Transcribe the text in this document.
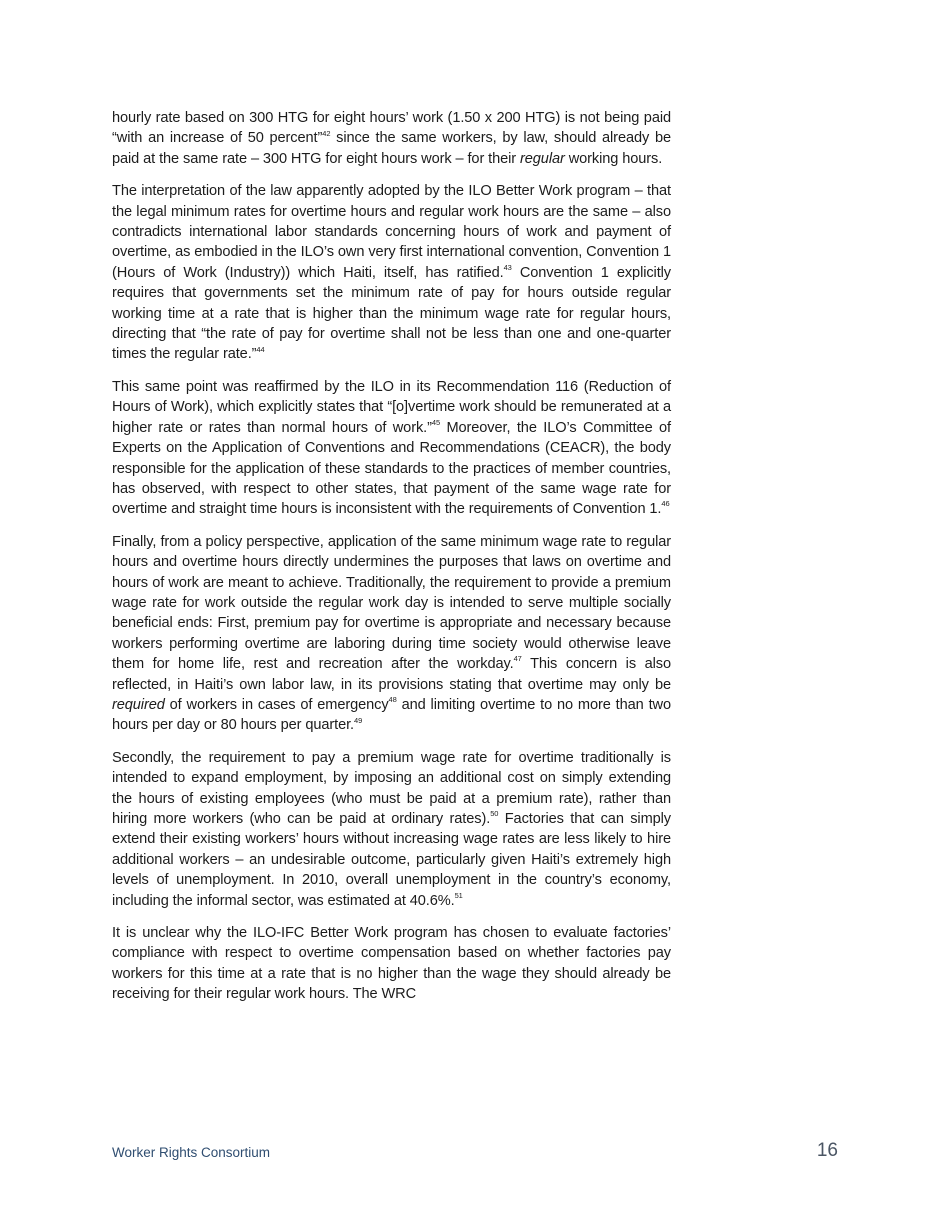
hourly rate based on 300 HTG for eight hours’ work (1.50 x 200 HTG) is not being paid “with an increase of 50 percent”$^{42}$ since the same workers, by law, should already be paid at the same rate – 300 HTG for eight hours work – for their regular working hours.

The interpretation of the law apparently adopted by the ILO Better Work program – that the legal minimum rates for overtime hours and regular work hours are the same – also contradicts international labor standards concerning hours of work and payment of overtime, as embodied in the ILO’s own very first international convention, Convention 1 (Hours of Work (Industry)) which Haiti, itself, has ratified.$^{43}$ Convention 1 explicitly requires that governments set the minimum rate of pay for hours outside regular working time at a rate that is higher than the minimum wage rate for regular hours, directing that “the rate of pay for overtime shall not be less than one and one-quarter times the regular rate.”$^{44}$

This same point was reaffirmed by the ILO in its Recommendation 116 (Reduction of Hours of Work), which explicitly states that “[o]vertime work should be remunerated at a higher rate or rates than normal hours of work.”$^{45}$ Moreover, the ILO’s Committee of Experts on the Application of Conventions and Recommendations (CEACR), the body responsible for the application of these standards to the practices of member countries, has observed, with respect to other states, that payment of the same wage rate for overtime and straight time hours is inconsistent with the requirements of Convention 1.46

Finally, from a policy perspective, application of the same minimum wage rate to regular hours and overtime hours directly undermines the purposes that laws on overtime and hours of work are meant to achieve. Traditionally, the requirement to provide a premium wage rate for work outside the regular work day is intended to serve multiple socially beneficial ends: First, premium pay for overtime is appropriate and necessary because workers performing overtime are laboring during time society would otherwise leave them for home life, rest and recreation after the workday.$^{47}$ This concern is also reflected, in Haiti’s own labor law, in its provisions stating that overtime may only be required of workers in cases of emergency$^{48}$ and limiting overtime to no more than two hours per day or 80 hours per quarter.$^{49}$

Secondly, the requirement to pay a premium wage rate for overtime traditionally is intended to expand employment, by imposing an additional cost on simply extending the hours of existing employees (who must be paid at a premium rate), rather than hiring more workers (who can be paid at ordinary rates).$^{50}$ Factories that can simply extend their existing workers’ hours without increasing wage rates are less likely to hire additional workers – an undesirable outcome, particularly given Haiti’s extremely high levels of unemployment. In 2010, overall unemployment in the country’s economy, including the informal sector, was estimated at 40.6%.$^{51}$

It is unclear why the ILO-IFC Better Work program has chosen to evaluate factories’ compliance with respect to overtime compensation based on whether factories pay workers for this time at a rate that is no higher than the wage they should already be receiving for their regular work hours. The WRC

Worker Rights Consortium	16
